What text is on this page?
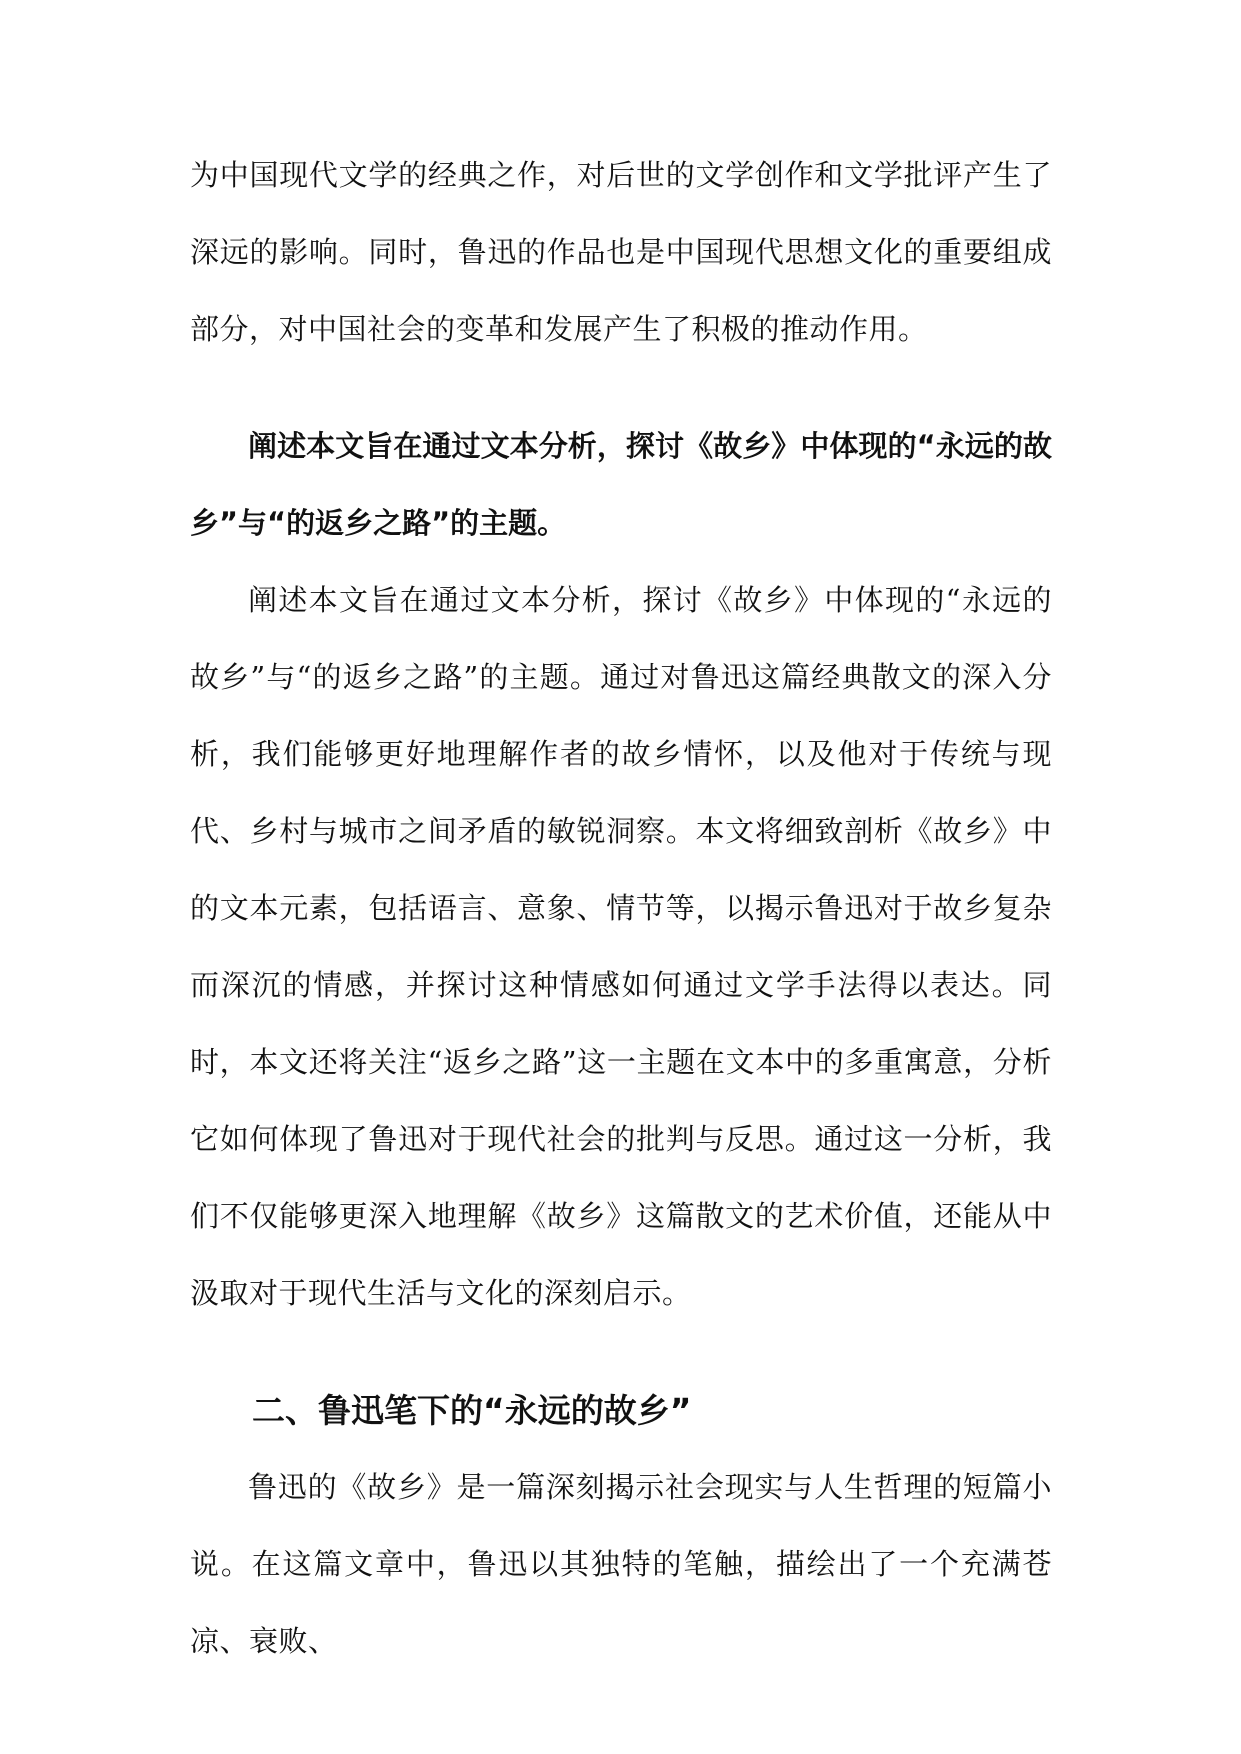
为中国现代文学的经典之作，对后世的文学创作和文学批评产生了深远的影响。同时，鲁迅的作品也是中国现代思想文化的重要组成部分，对中国社会的变革和发展产生了积极的推动作用。

阐述本文旨在通过文本分析，探讨《故乡》中体现的“永远的故乡”与“的返乡之路”的主题。

阐述本文旨在通过文本分析，探讨《故乡》中体现的“永远的故乡”与“的返乡之路”的主题。通过对鲁迅这篇经典散文的深入分析，我们能够更好地理解作者的故乡情怀，以及他对于传统与现代、乡村与城市之间矛盾的敏锐洞察。本文将细致剖析《故乡》中的文本元素，包括语言、意象、情节等，以揭示鲁迅对于故乡复杂而深沉的情感，并探讨这种情感如何通过文学手法得以表达。同时，本文还将关注“返乡之路”这一主题在文本中的多重寓意，分析它如何体现了鲁迅对于现代社会的批判与反思。通过这一分析，我们不仅能够更深入地理解《故乡》这篇散文的艺术价值，还能从中汲取对于现代生活与文化的深刻启示。

二、鲁迅笔下的“永远的故乡”

鲁迅的《故乡》是一篇深刻揭示社会现实与人生哲理的短篇小说。在这篇文章中，鲁迅以其独特的笔触，描绘出了一个充满苍凉、衰败、
